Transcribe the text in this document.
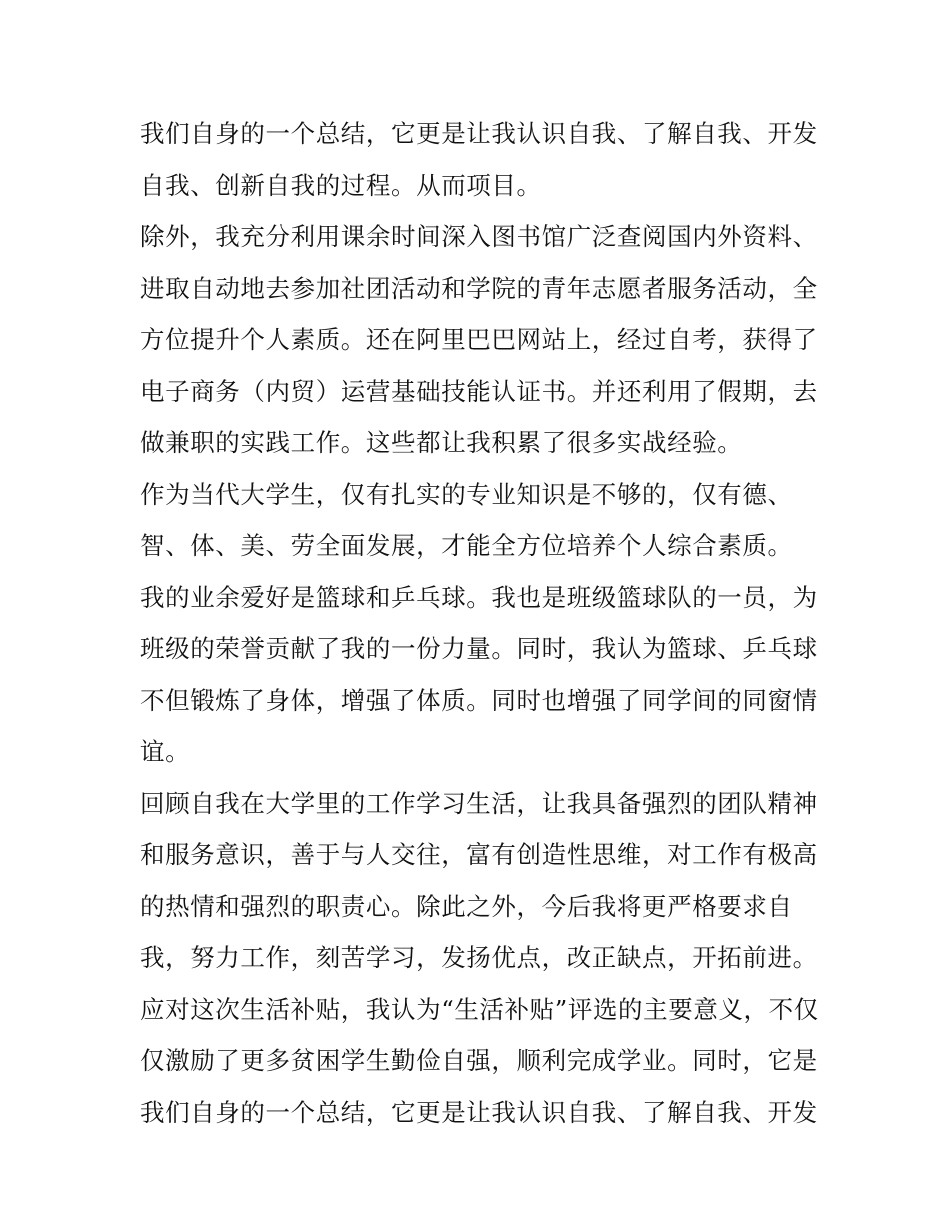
我们自身的一个总结，它更是让我认识自我、了解自我、开发
自我、创新自我的过程。从而项目。
除外，我充分利用课余时间深入图书馆广泛查阅国内外资料、
进取自动地去参加社团活动和学院的青年志愿者服务活动，全
方位提升个人素质。还在阿里巴巴网站上，经过自考，获得了
电子商务（内贸）运营基础技能认证书。并还利用了假期，去
做兼职的实践工作。这些都让我积累了很多实战经验。
作为当代大学生，仅有扎实的专业知识是不够的，仅有德、
智、体、美、劳全面发展，才能全方位培养个人综合素质。
我的业余爱好是篮球和乒乓球。我也是班级篮球队的一员，为
班级的荣誉贡献了我的一份力量。同时，我认为篮球、乒乓球
不但锻炼了身体，增强了体质。同时也增强了同学间的同窗情
谊。
回顾自我在大学里的工作学习生活，让我具备强烈的团队精神
和服务意识，善于与人交往，富有创造性思维，对工作有极高
的热情和强烈的职责心。除此之外，今后我将更严格要求自
我，努力工作，刻苦学习，发扬优点，改正缺点，开拓前进。
应对这次生活补贴，我认为“生活补贴”评选的主要意义，不仅
仅激励了更多贫困学生勤俭自强，顺利完成学业。同时，它是
我们自身的一个总结，它更是让我认识自我、了解自我、开发
